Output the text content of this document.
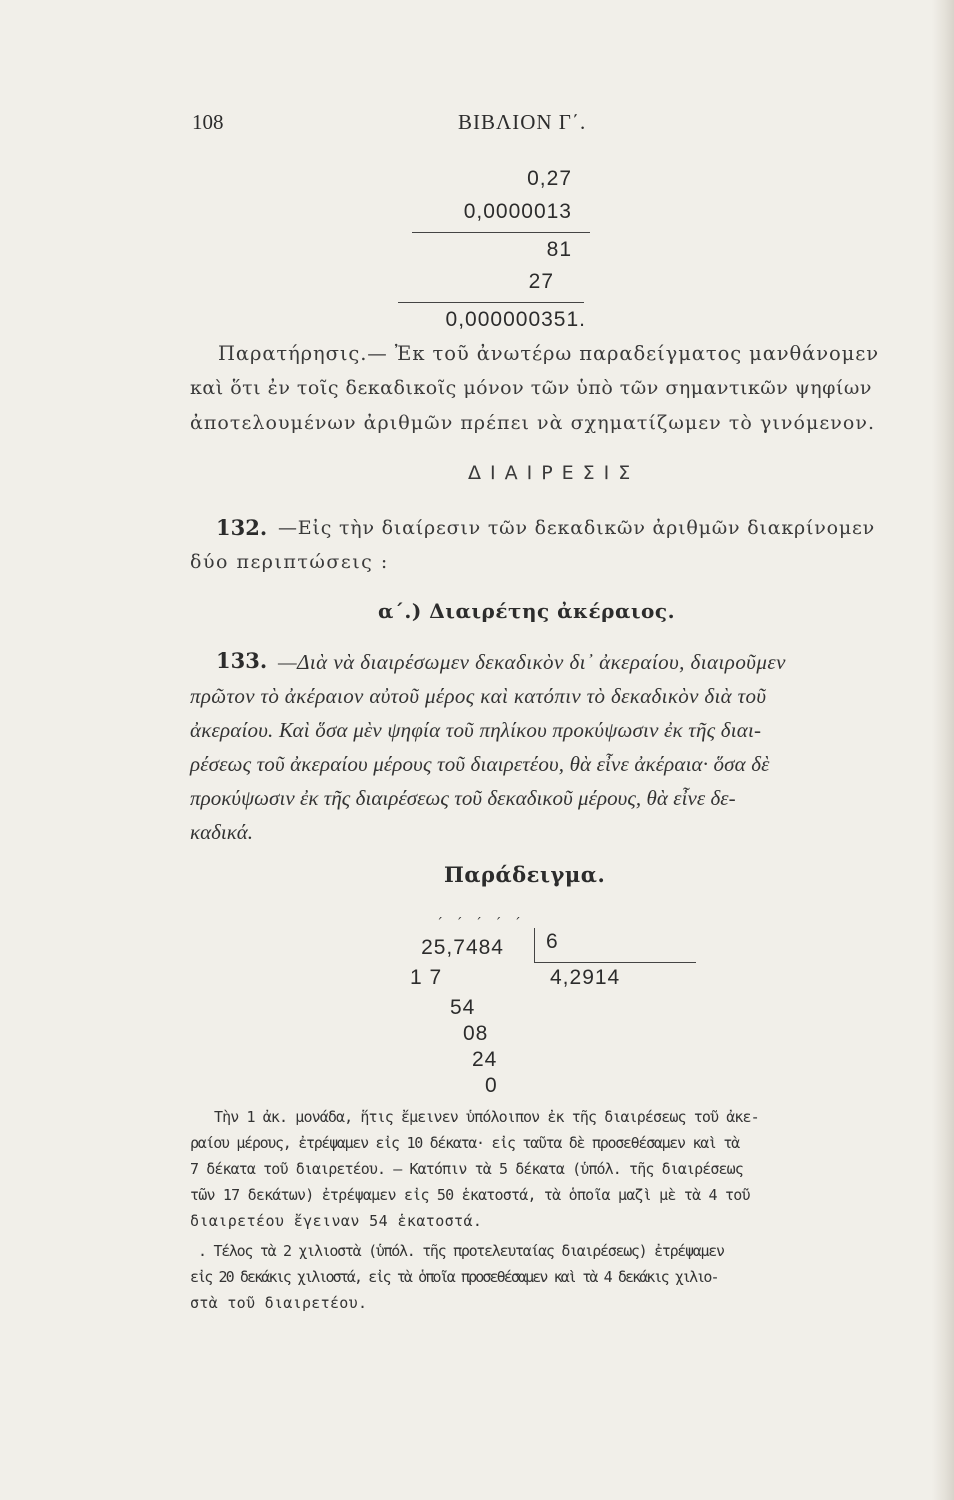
108	ΒΙΒΛΙΟΝ Γ΄.
0,27
0,0000013
81
27
0,000000351.
Παρατήρησις.— Ἐκ τοῦ ἀνωτέρω παραδείγματος μανθάνομεν
καὶ ὅτι ἐν τοῖς δεκαδικοῖς μόνον τῶν ὑπὸ τῶν σημαντικῶν ψηφίων
ἀποτελουμένων ἀριθμῶν πρέπει νὰ σχηματίζωμεν τὸ γινόμενον.
ΔΙΑΙΡΕΣΙΣ
132. —Εἰς τὴν διαίρεσιν τῶν δεκαδικῶν ἀριθμῶν διακρίνομεν
δύο περιπτώσεις :
α΄.) Διαιρέτης ἀκέραιος.
133. —Διὰ νὰ διαιρέσωμεν δεκαδικὸν δι᾽ ἀκεραίου, διαιροῦμεν
πρῶτον τὸ ἀκέραιον αὐτοῦ μέρος καὶ κατόπιν τὸ δεκαδικὸν διὰ τοῦ
ἀκεραίου. Καὶ ὅσα μὲν ψηφία τοῦ πηλίκου προκύψωσιν ἐκ τῆς διαι-
ρέσεως τοῦ ἀκεραίου μέρους τοῦ διαιρετέου, θὰ εἶνε ἀκέραια· ὅσα δὲ
προκύψωσιν ἐκ τῆς διαιρέσεως τοῦ δεκαδικοῦ μέρους, θὰ εἶνε δε-
καδικά.
Παράδειγμα.
΄ ΄ ΄ ΄ ΄
25,7484 6
4,2914
1 7
54
08
24
0
Τὴν 1 ἀκ. μονάδα, ἥτις ἔμεινεν ὑπόλοιπον ἐκ τῆς διαιρέσεως τοῦ ἀκε-
ραίου μέρους, ἐτρέψαμεν εἰς 10 δέκατα· εἰς ταῦτα δὲ προσεθέσαμεν καὶ τὰ
7 δέκατα τοῦ διαιρετέου. — Κατόπιν τὰ 5 δέκατα (ὑπόλ. τῆς διαιρέσεως
τῶν 17 δεκάτων) ἐτρέψαμεν εἰς 50 ἑκατοστά, τὰ ὁποῖα μαζὶ μὲ τὰ 4 τοῦ
διαιρετέου ἔγειναν 54 ἑκατοστά.
. Τέλος τὰ 2 χιλιοστὰ (ὑπόλ. τῆς προτελευταίας διαιρέσεως) ἐτρέψαμεν
εἰς 20 δεκάκις χιλιοστά, εἰς τὰ ὁποῖα προσεθέσαμεν καὶ τὰ 4 δεκάκις χιλιο-
στὰ τοῦ διαιρετέου.
